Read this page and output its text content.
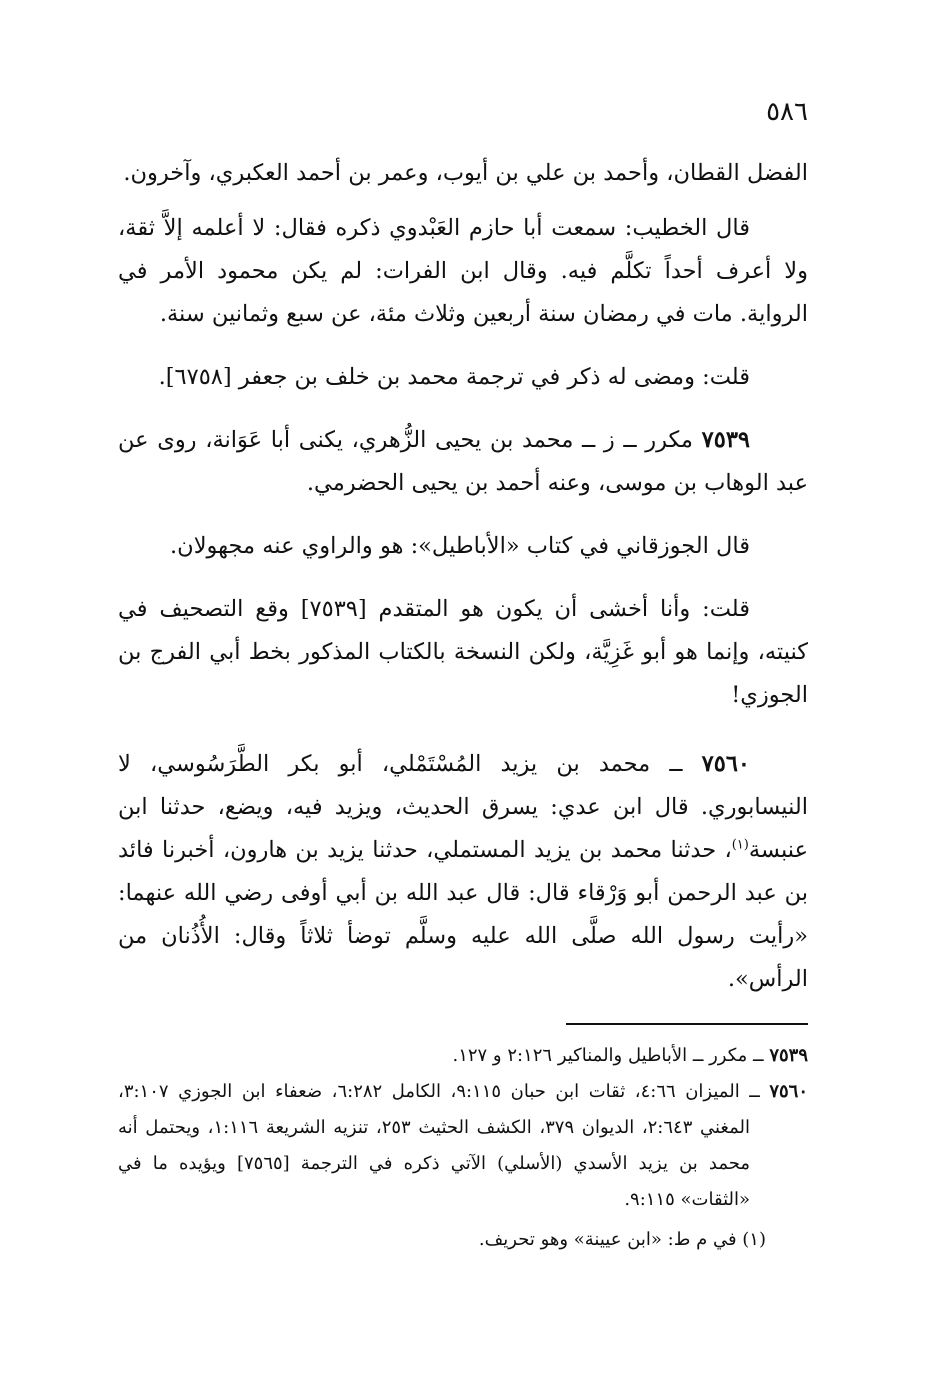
٥٨٦

الفضل القطان، وأحمد بن علي بن أيوب، وعمر بن أحمد العكبري، وآخرون.

قال الخطيب: سمعت أبا حازم العَبْدوي ذكره فقال: لا أعلمه إلاَّ ثقة، ولا أعرف أحداً تكلَّم فيه. وقال ابن الفرات: لم يكن محمود الأمر في الرواية. مات في رمضان سنة أربعين وثلاث مئة، عن سبع وثمانين سنة.

قلت: ومضى له ذكر في ترجمة محمد بن خلف بن جعفر [٦٧٥٨].

٧٥٣٩ مكرر ــ ز ــ محمد بن يحيى الزُّهري، يكنى أبا عَوَانة، روى عن عبد الوهاب بن موسى، وعنه أحمد بن يحيى الحضرمي.

قال الجوزقاني في كتاب «الأباطيل»: هو والراوي عنه مجهولان.

قلت: وأنا أخشى أن يكون هو المتقدم [٧٥٣٩] وقع التصحيف في كنيته، وإنما هو أبو غَزِيَّة، ولكن النسخة بالكتاب المذكور بخط أبي الفرج بن الجوزي!

٧٥٦٠ ــ محمد بن يزيد المُسْتَمْلي، أبو بكر الطَّرَسُوسي، لا النيسابوري. قال ابن عدي: يسرق الحديث، ويزيد فيه، ويضع، حدثنا ابن عنبسة$^{(١)}$، حدثنا محمد بن يزيد المستملي، حدثنا يزيد بن هارون، أخبرنا فائد بن عبد الرحمن أبو وَرْقاء قال: قال عبد الله بن أبي أوفى رضي الله عنهما: «رأيت رسول الله صلَّى الله عليه وسلَّم توضأ ثلاثاً وقال: الأُذُنان من الرأس».

٧٥٣٩ ــ مكرر ــ الأباطيل والمناكير ٢:١٢٦ و ١٢٧.

٧٥٦٠ ــ الميزان ٤:٦٦، ثقات ابن حبان ٩:١١٥، الكامل ٦:٢٨٢، ضعفاء ابن الجوزي ٣:١٠٧، المغني ٢:٦٤٣، الديوان ٣٧٩، الكشف الحثيث ٢٥٣، تنزيه الشريعة ١:١١٦، ويحتمل أنه محمد بن يزيد الأسدي (الأسلي) الآتي ذكره في الترجمة [٧٥٦٥] ويؤيده ما في «الثقات» ٩:١١٥.

(١) في م ط: «ابن عيينة» وهو تحريف.
